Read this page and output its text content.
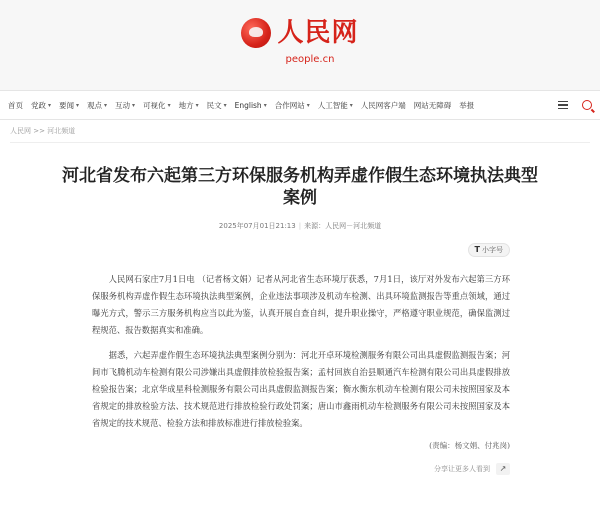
人民网
people.cn
首页 党政 ▾ 要闻 ▾ 观点 ▾ 互动 ▾ 可视化 ▾ 地方 ▾ 民文 ▾ English ▾ 合作网站 ▾ 人工智能 ▾ 人民网客户端 网站无障碍 举报
人民网 >> 河北频道
河北省发布六起第三方环保服务机构弄虚作假生态环境执法典型案例
2025年07月01日21:13 | 来源：人民网－河北频道
T 小字号

人民网石家庄7月1日电 （记者杨文娟）记者从河北省生态环境厅获悉，7月1日，该厅对外发布六起第三方环保服务机构弄虚作假生态环境执法典型案例，企业违法事项涉及机动车检测、出具环境监测报告等重点领域，通过曝光方式，警示三方服务机构应当以此为鉴，认真开展自查自纠，提升职业操守，严格遵守职业规范，确保监测过程规范、报告数据真实和准确。

据悉，六起弄虚作假生态环境执法典型案例分别为：河北开卓环境检测服务有限公司出具虚假监测报告案；河间市飞腾机动车检测有限公司涉嫌出具虚假排放检验报告案；孟村回族自治县顺通汽车检测有限公司出具虚假排放检验报告案；北京华成星科检测服务有限公司出具虚假监测报告案；衡水衡东机动车检测有限公司未按照国家及本省规定的排放检验方法、技术规范进行排放检验行政处罚案；唐山市鑫雨机动车检测服务有限公司未按照国家及本省规定的技术规范、检验方法和排放标准进行排放检验案。

(责编：杨文娟、付兆岗)
分享让更多人看到	↗
